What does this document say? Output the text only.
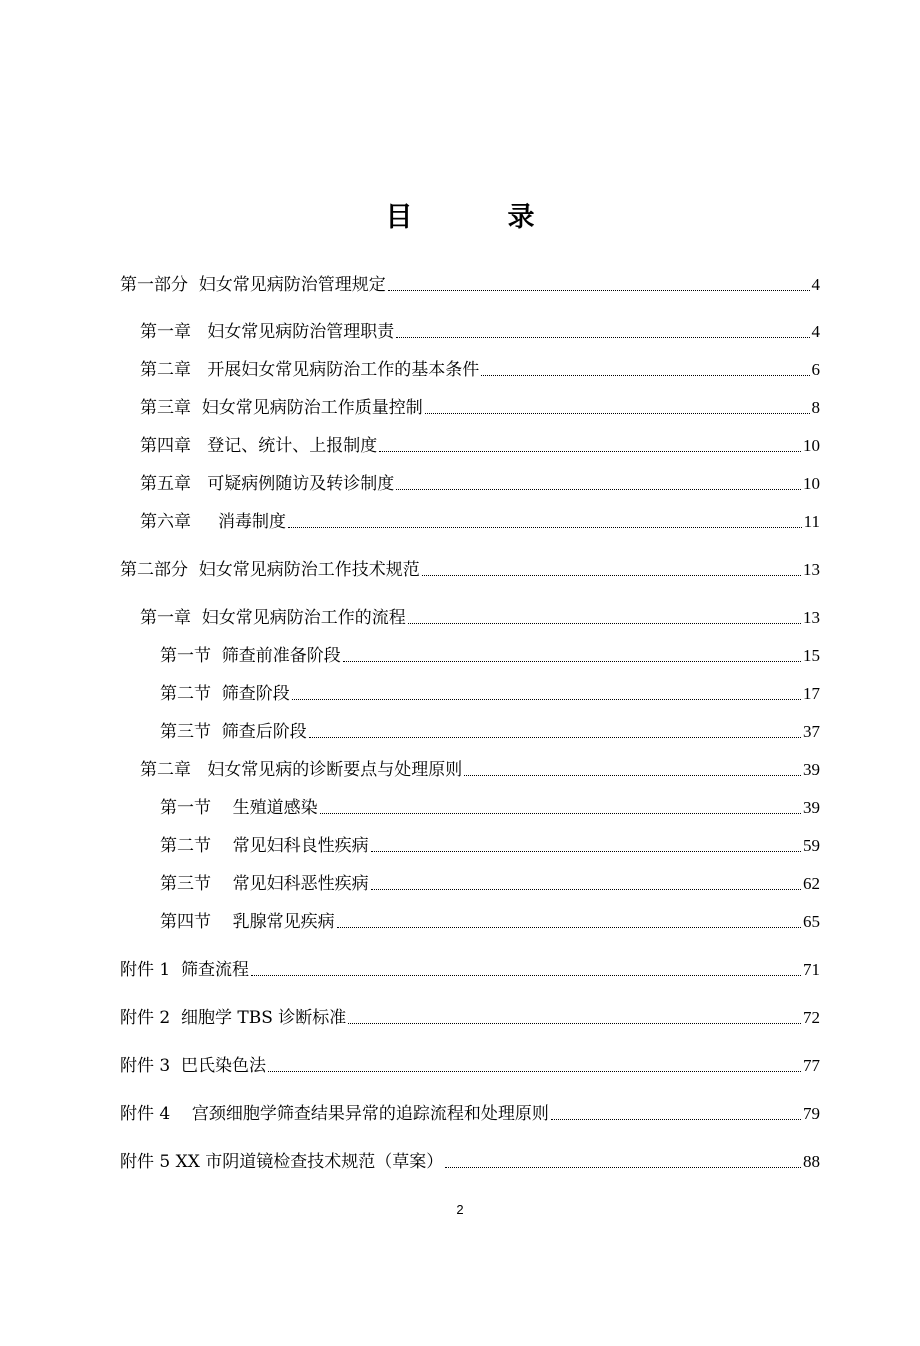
目　录
第一部分  妇女常见病防治管理规定	4
第一章   妇女常见病防治管理职责	4
第二章   开展妇女常见病防治工作的基本条件	6
第三章  妇女常见病防治工作质量控制	8
第四章   登记、统计、上报制度	10
第五章   可疑病例随访及转诊制度	10
第六章     消毒制度	11
第二部分  妇女常见病防治工作技术规范	13
第一章  妇女常见病防治工作的流程	13
第一节  筛查前准备阶段	15
第二节  筛查阶段	17
第三节  筛查后阶段	37
第二章   妇女常见病的诊断要点与处理原则	39
第一节    生殖道感染	39
第二节    常见妇科良性疾病	59
第三节    常见妇科恶性疾病	62
第四节    乳腺常见疾病	65
附件 1  筛查流程	71
附件 2  细胞学 TBS 诊断标准	72
附件 3  巴氏染色法	77
附件 4    宫颈细胞学筛查结果异常的追踪流程和处理原则	79
附件 5 XX 市阴道镜检查技术规范（草案）	88
2
